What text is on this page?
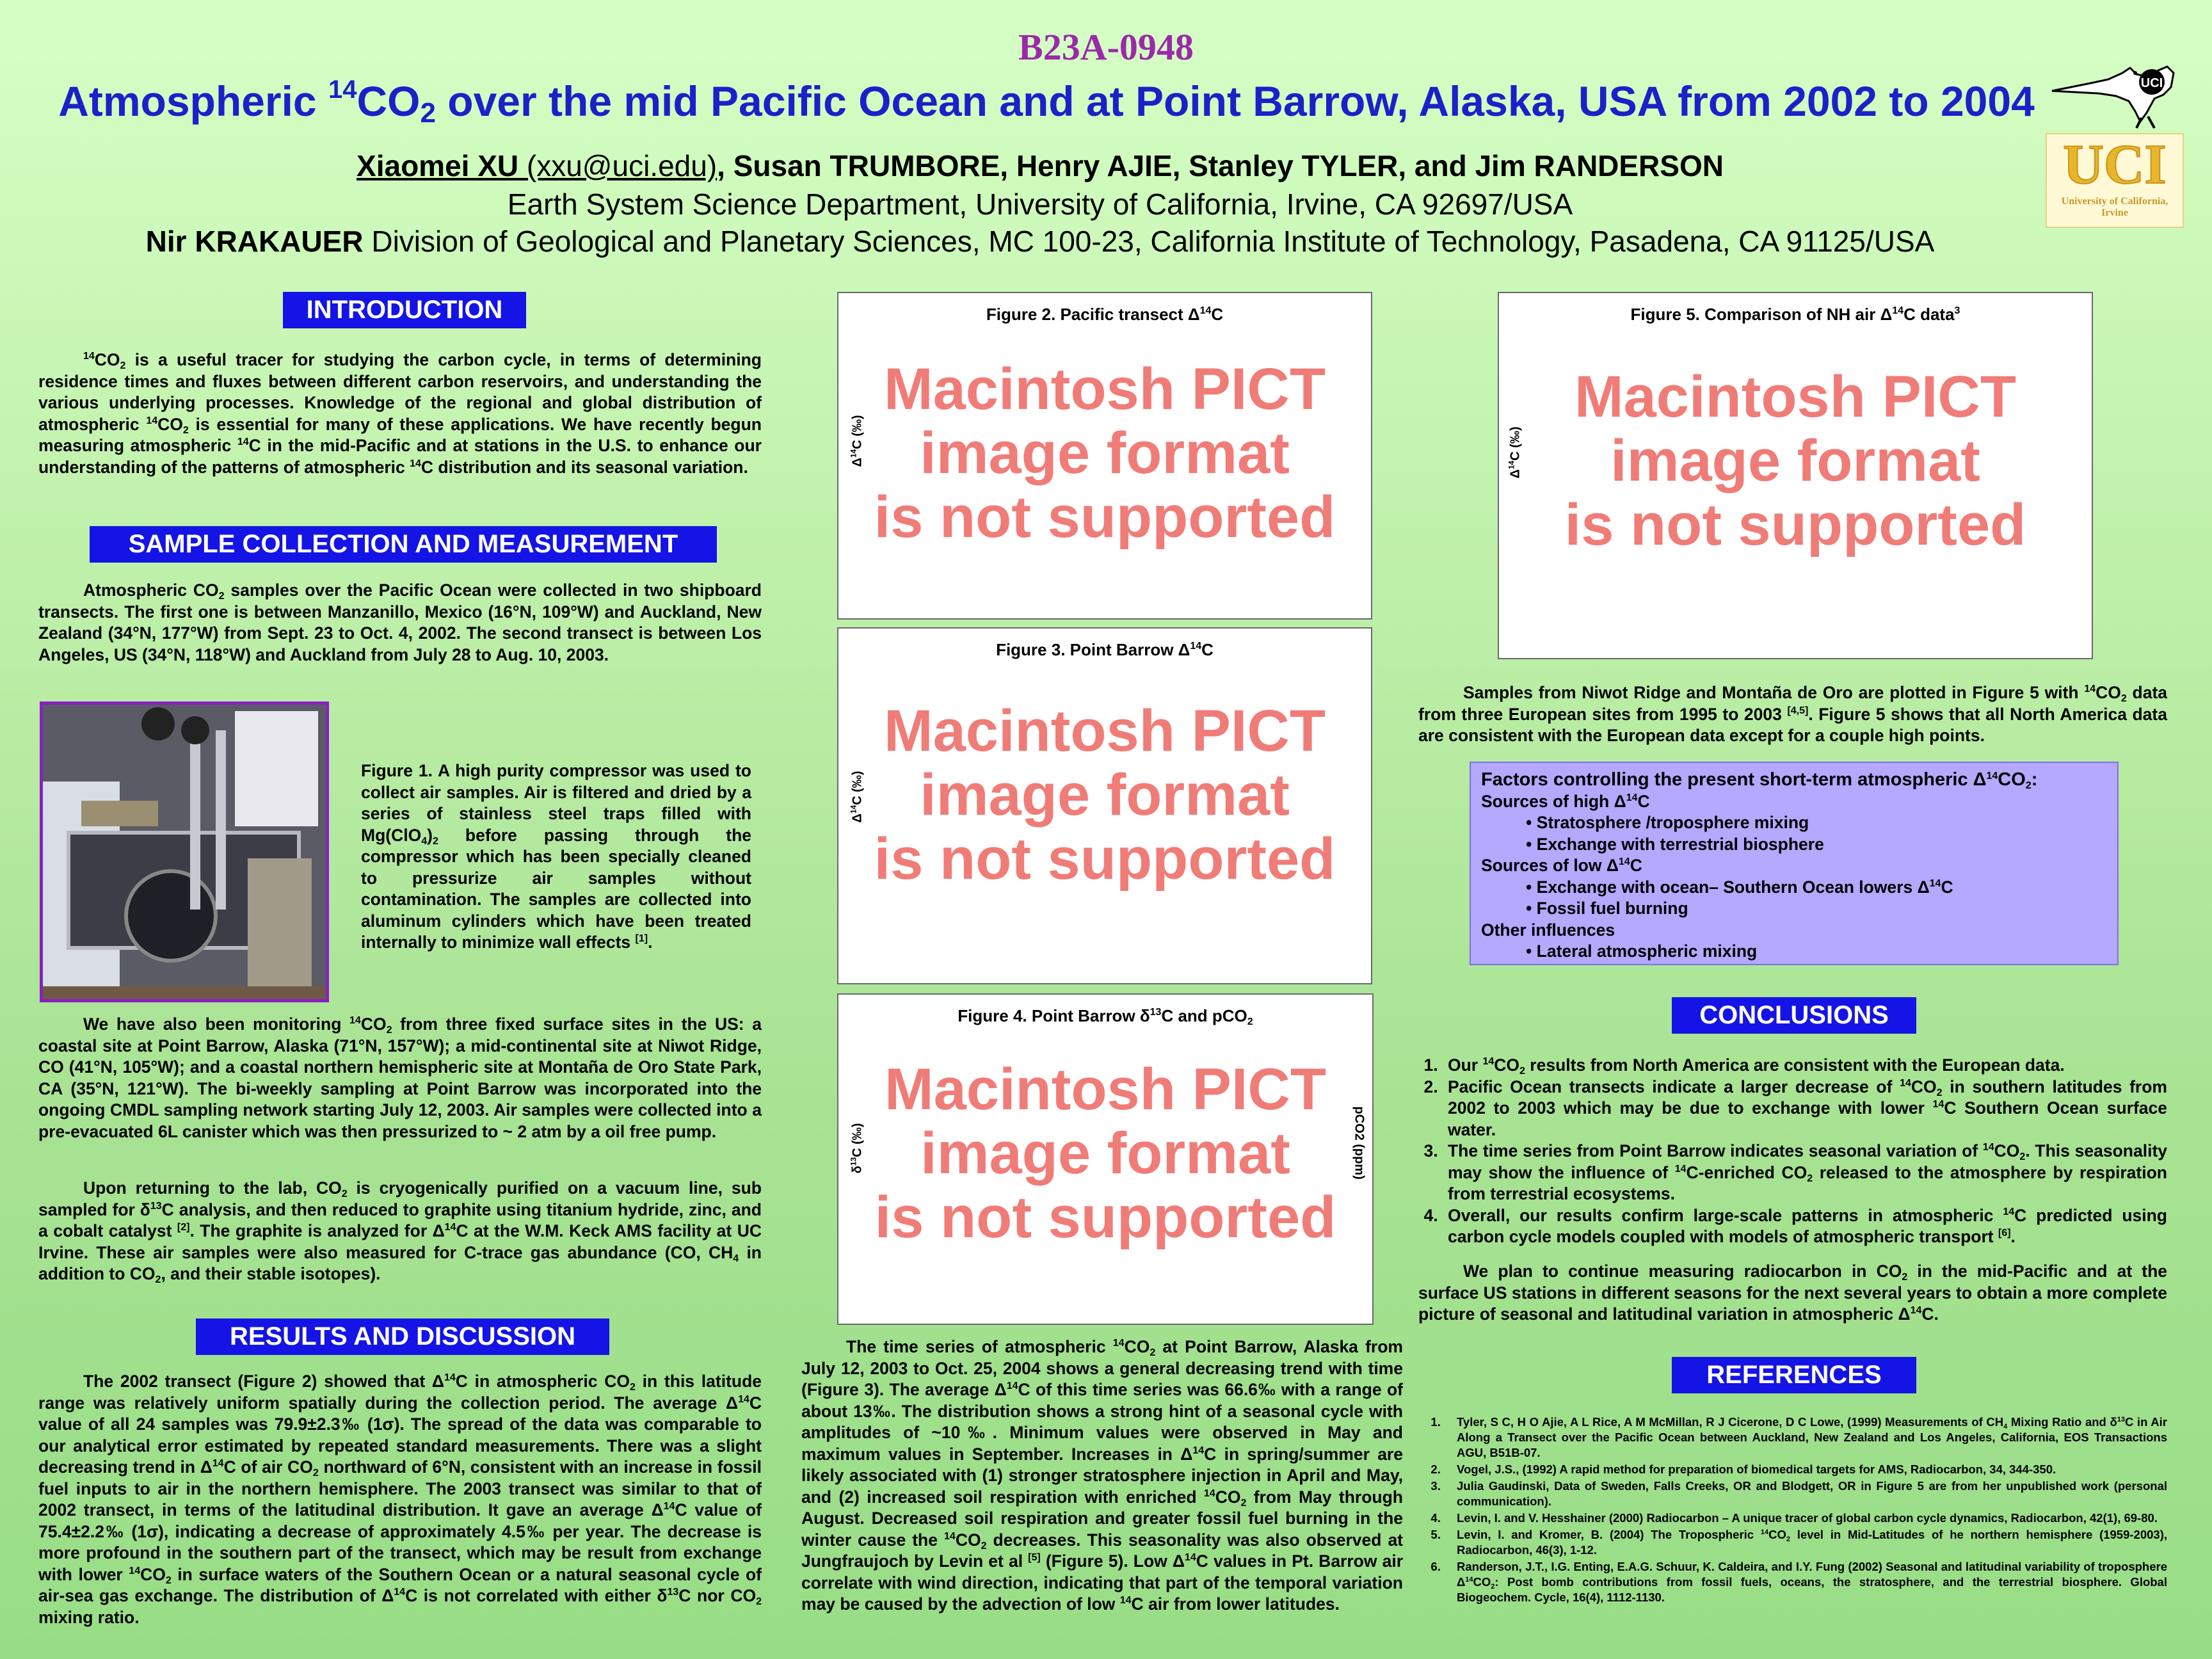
B23A-0948
Atmospheric $^{14}CO_2$ over the mid Pacific Ocean and at Point Barrow, Alaska, USA from 2002 to 2004
Xiaomei XU (xxu@uci.edu), Susan TRUMBORE, Henry AJIE, Stanley TYLER, and Jim RANDERSON
Earth System Science Department, University of California, Irvine, CA 92697/USA
Nir KRAKAUER Division of Geological and Planetary Sciences, MC 100-23, California Institute of Technology, Pasadena, CA 91125/USA
UCI
UCI
University of California,
Irvine
INTRODUCTION
$^{14}CO_2$ is a useful tracer for studying the carbon cycle, in terms of determining residence times and fluxes between different carbon reservoirs, and understanding the various underlying processes. Knowledge of the regional and global distribution of atmospheric $^{14}CO_2$ is essential for many of these applications. We have recently begun measuring atmospheric $^{14}$C in the mid-Pacific and at stations in the U.S. to enhance our understanding of the patterns of atmospheric $^{14}$C distribution and its seasonal variation.
SAMPLE COLLECTION AND MEASUREMENT
Atmospheric $CO_2$ samples over the Pacific Ocean were collected in two shipboard transects. The first one is between Manzanillo, Mexico (16°N, 109°W) and Auckland, New Zealand (34°N, 177°W) from Sept. 23 to Oct. 4, 2002. The second transect is between Los Angeles, US (34°N, 118°W) and Auckland from July 28 to Aug. 10, 2003.
Figure 1. A high purity compressor was used to collect air samples. Air is filtered and dried by a series of stainless steel traps filled with $Mg(ClO_4)_2$ before passing through the compressor which has been specially cleaned to pressurize air samples without contamination. The samples are collected into aluminum cylinders which have been treated internally to minimize wall effects [1].
We have also been monitoring $^{14}CO_2$ from three fixed surface sites in the US: a coastal site at Point Barrow, Alaska (71°N, 157°W); a mid-continental site at Niwot Ridge, CO (41°N, 105°W); and a coastal northern hemispheric site at Montaña de Oro State Park, CA (35°N, 121°W). The bi-weekly sampling at Point Barrow was incorporated into the ongoing CMDL sampling network starting July 12, 2003. Air samples were collected into a pre-evacuated 6L canister which was then pressurized to ~ 2 atm by a oil free pump.
Upon returning to the lab, $CO_2$ is cryogenically purified on a vacuum line, sub sampled for $\delta^{13}C$ analysis, and then reduced to graphite using titanium hydride, zinc, and a cobalt catalyst [2]. The graphite is analyzed for $\Delta^{14}C$ at the W.M. Keck AMS facility at UC Irvine. These air samples were also measured for C-trace gas abundance (CO, $CH_4$ in addition to $CO_2$, and their stable isotopes).
RESULTS AND DISCUSSION
The 2002 transect (Figure 2) showed that $\Delta^{14}C$ in atmospheric $CO_2$ in this latitude range was relatively uniform spatially during the collection period. The average $\Delta^{14}C$ value of all 24 samples was 79.9±2.3‰ (1σ). The spread of the data was comparable to our analytical error estimated by repeated standard measurements. There was a slight decreasing trend in $\Delta^{14}C$ of air $CO_2$ northward of 6°N, consistent with an increase in fossil fuel inputs to air in the northern hemisphere. The 2003 transect was similar to that of 2002 transect, in terms of the latitudinal distribution. It gave an average $\Delta^{14}C$ value of 75.4±2.2‰ (1σ), indicating a decrease of approximately 4.5‰ per year. The decrease is more profound in the southern part of the transect, which may be result from exchange with lower $^{14}CO_2$ in surface waters of the Southern Ocean or a natural seasonal cycle of air-sea gas exchange. The distribution of $\Delta^{14}C$ is not correlated with either $\delta^{13}C$ nor $CO_2$ mixing ratio.
Figure 2. Pacific transect $\Delta^{14}C$
$\Delta^{14}C$ (‰)
Macintosh PICT
image format
is not supported
Figure 3. Point Barrow $\Delta^{14}C$
$\Delta^{14}C$ (‰)
Macintosh PICT
image format
is not supported
Figure 4. Point Barrow $\delta^{13}C$ and pCO$_2$
$\delta^{13}C$ (‰)	pCO2 (ppm)
Macintosh PICT
image format
is not supported
The time series of atmospheric $^{14}CO_2$ at Point Barrow, Alaska from July 12, 2003 to Oct. 25, 2004 shows a general decreasing trend with time (Figure 3). The average $\Delta^{14}C$ of this time series was 66.6‰ with a range of about 13‰. The distribution shows a strong hint of a seasonal cycle with amplitudes of ~10‰. Minimum values were observed in May and maximum values in September. Increases in $\Delta^{14}C$ in spring/summer are likely associated with (1) stronger stratosphere injection in April and May, and (2) increased soil respiration with enriched $^{14}CO_2$ from May through August. Decreased soil respiration and greater fossil fuel burning in the winter cause the $^{14}CO_2$ decreases. This seasonality was also observed at Jungfraujoch by Levin et al [5] (Figure 5). Low $\Delta^{14}C$ values in Pt. Barrow air correlate with wind direction, indicating that part of the temporal variation may be caused by the advection of low $^{14}$C air from lower latitudes.
Figure 5. Comparison of NH air $\Delta^{14}C$ data$^3$
$\Delta^{14}C$ (‰)
Macintosh PICT
image format
is not supported
Samples from Niwot Ridge and Montaña de Oro are plotted in Figure 5 with $^{14}CO_2$ data from three European sites from 1995 to 2003 [4,5]. Figure 5 shows that all North America data are consistent with the European data except for a couple high points.
Factors controlling the present short-term atmospheric $\Delta^{14}CO_2$:
Sources of high $\Delta^{14}C$
• Stratosphere /troposphere mixing
• Exchange with terrestrial biosphere
Sources of low $\Delta^{14}C$
• Exchange with ocean– Southern Ocean lowers $\Delta^{14}C$
• Fossil fuel burning
Other influences
• Lateral atmospheric mixing
CONCLUSIONS
1. Our $^{14}CO_2$ results from North America are consistent with the European data.
2. Pacific Ocean transects indicate a larger decrease of $^{14}CO_2$ in southern latitudes from 2002 to 2003 which may be due to exchange with lower $^{14}$C Southern Ocean surface water.
3. The time series from Point Barrow indicates seasonal variation of $^{14}CO_2$. This seasonality may show the influence of $^{14}$C-enriched $CO_2$ released to the atmosphere by respiration from terrestrial ecosystems.
4. Overall, our results confirm large-scale patterns in atmospheric $^{14}$C predicted using carbon cycle models coupled with models of atmospheric transport [6].
We plan to continue measuring radiocarbon in $CO_2$ in the mid-Pacific and at the surface US stations in different seasons for the next several years to obtain a more complete picture of seasonal and latitudinal variation in atmospheric $\Delta^{14}C$.
REFERENCES
1. Tyler, S C, H O Ajie, A L Rice, A M McMillan, R J Cicerone, D C Lowe, (1999) Measurements of $CH_4$ Mixing Ratio and $\delta^{13}C$ in Air Along a Transect over the Pacific Ocean between Auckland, New Zealand and Los Angeles, California, EOS Transactions AGU, B51B-07.
2. Vogel, J.S., (1992) A rapid method for preparation of biomedical targets for AMS, Radiocarbon, 34, 344-350.
3. Julia Gaudinski, Data of Sweden, Falls Creeks, OR and Blodgett, OR in Figure 5 are from her unpublished work (personal communication).
4. Levin, I. and V. Hesshainer (2000) Radiocarbon – A unique tracer of global carbon cycle dynamics, Radiocarbon, 42(1), 69-80.
5. Levin, I. and Kromer, B. (2004) The Tropospheric $^{14}CO_2$ level in Mid-Latitudes of he northern hemisphere (1959-2003), Radiocarbon, 46(3), 1-12.
6. Randerson, J.T., I.G. Enting, E.A.G. Schuur, K. Caldeira, and I.Y. Fung (2002) Seasonal and latitudinal variability of troposphere $\Delta^{14}CO_2$: Post bomb contributions from fossil fuels, oceans, the stratosphere, and the terrestrial biosphere. Global Biogeochem. Cycle, 16(4), 1112-1130.
